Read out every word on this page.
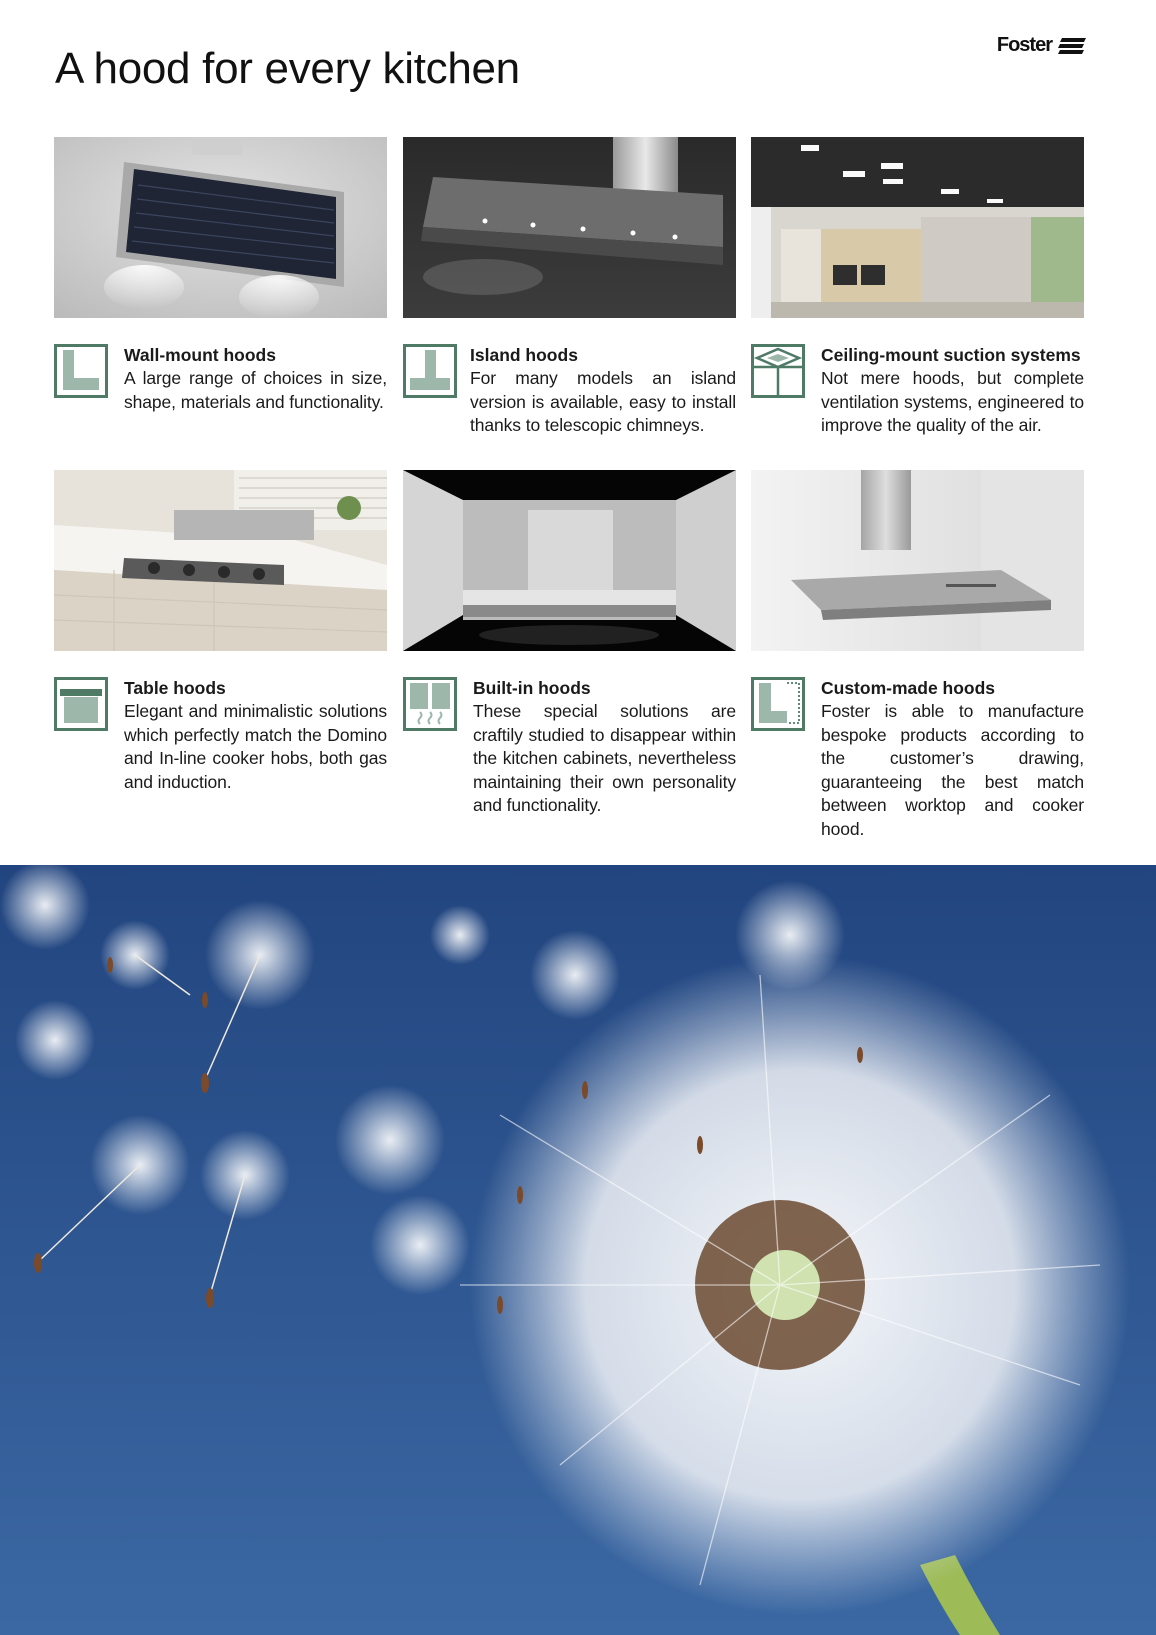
A hood for every kitchen	Foster
Wall-mount hoods

A large range of choices in size, shape, materials and functionality.

Island hoods

For many models an island version is available, easy to install thanks to telescopic chimneys.

Ceiling-mount suction systems

Not mere hoods, but complete ventilation systems, engineered to improve the quality of the air.

Table hoods

Elegant and minimalistic solutions which perfectly match the Domino and In-line cooker hobs, both gas and induction.

Built-in hoods

These special solutions are craftily studied to disappear within the kitchen cabinets, nevertheless maintaining their own personality and functionality.

Custom-made hoods

Foster is able to manufacture bespoke products according to the customer’s drawing, guaranteeing the best match between worktop and cooker hood.
